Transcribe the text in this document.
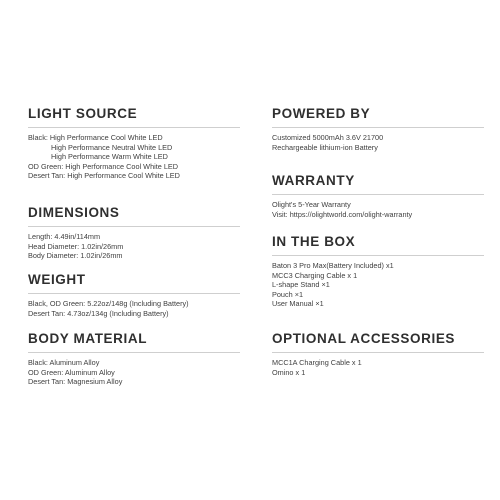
LIGHT SOURCE
Black: High Performance Cool White LED
High Performance Neutral White LED
High Performance Warm White LED
OD Green: High Performance Cool White LED
Desert Tan: High Performance Cool White LED
DIMENSIONS
Length: 4.49in/114mm
Head Diameter: 1.02in/26mm
Body Diameter: 1.02in/26mm
WEIGHT
Black, OD Green: 5.22oz/148g (Including Battery)
Desert Tan: 4.73oz/134g (Including Battery)
BODY MATERIAL
Black: Aluminum Alloy
OD Green: Aluminum Alloy
Desert Tan: Magnesium Alloy
POWERED BY
Customized 5000mAh 3.6V 21700
Rechargeable lithium-ion Battery
WARRANTY
Olight's 5-Year Warranty
Visit: https://olightworld.com/olight-warranty
IN THE BOX
Baton 3 Pro Max(Battery Included) x1
MCC3 Charging Cable x 1
L-shape Stand ×1
Pouch ×1
User Manual ×1
OPTIONAL ACCESSORIES
MCC1A Charging Cable x 1
Omino x 1
